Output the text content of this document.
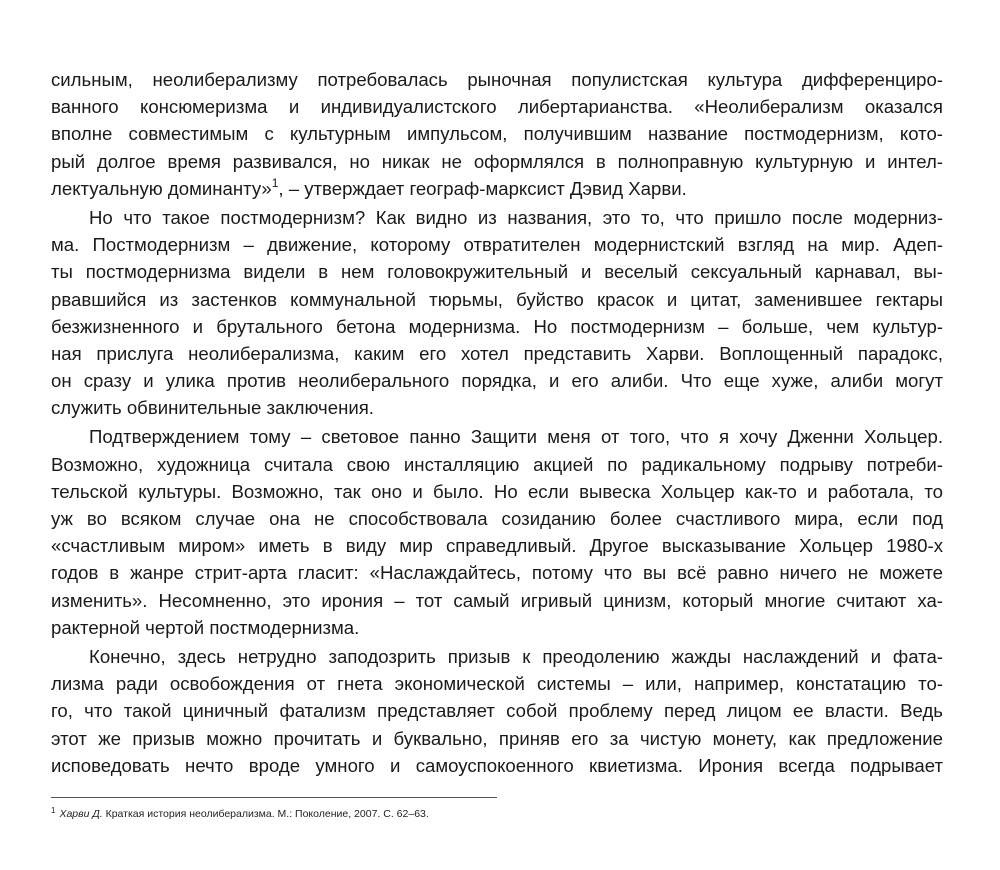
сильным, неолиберализму потребовалась рыночная популистская культура дифференциро-
ванного консюмеризма и индивидуалистского либертарианства. «Неолиберализм оказался
вполне совместимым с культурным импульсом, получившим название постмодернизм, кото-
рый долгое время развивался, но никак не оформлялся в полноправную культурную и интел-
лектуальную доминанту»$^1$, – утверждает географ-марксист Дэвид Харви.
Но что такое постмодернизм? Как видно из названия, это то, что пришло после модерниз-
ма. Постмодернизм – движение, которому отвратителен модернистский взгляд на мир. Адеп-
ты постмодернизма видели в нем головокружительный и веселый сексуальный карнавал, вы-
рвавшийся из застенков коммунальной тюрьмы, буйство красок и цитат, заменившее гектары
безжизненного и брутального бетона модернизма. Но постмодернизм – больше, чем культур-
ная прислуга неолиберализма, каким его хотел представить Харви. Воплощенный парадокс,
он сразу и улика против неолиберального порядка, и его алиби. Что еще хуже, алиби могут
служить обвинительные заключения.
Подтверждением тому – световое панно Защити меня от того, что я хочу Дженни Хольцер.
Возможно, художница считала свою инсталляцию акцией по радикальному подрыву потреби-
тельской культуры. Возможно, так оно и было. Но если вывеска Хольцер как-то и работала, то
уж во всяком случае она не способствовала созиданию более счастливого мира, если под
«счастливым миром» иметь в виду мир справедливый. Другое высказывание Хольцер 1980-х
годов в жанре стрит-арта гласит: «Наслаждайтесь, потому что вы всё равно ничего не можете
изменить». Несомненно, это ирония – тот самый игривый цинизм, который многие считают ха-
рактерной чертой постмодернизма.
Конечно, здесь нетрудно заподозрить призыв к преодолению жажды наслаждений и фата-
лизма ради освобождения от гнета экономической системы – или, например, констатацию то-
го, что такой циничный фатализм представляет собой проблему перед лицом ее власти. Ведь
этот же призыв можно прочитать и буквально, приняв его за чистую монету, как предложение
исповедовать нечто вроде умного и самоуспокоенного квиетизма. Ирония всегда подрывает
$^1$ Харви Д. Краткая история неолиберализма. М.: Поколение, 2007. С. 62–63.
